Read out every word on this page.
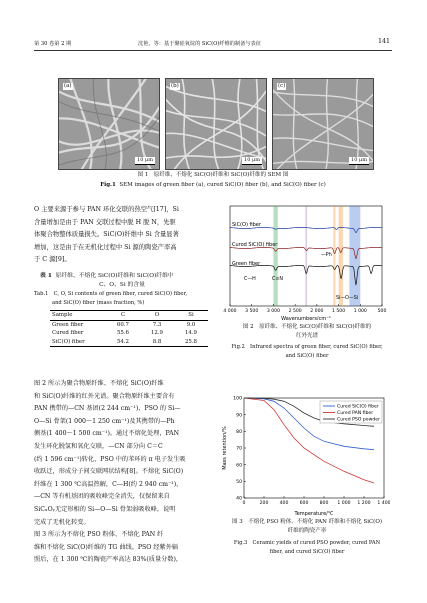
第 30 卷第 2 期	沈艳，等：基于聚硅氧烷的 SiC(O)纤维的制备与表征	141
(a)
10 μm
(b)
10 μm
(c)
10 μm
图 1　原纤维、不熔化 SiC(O)纤维和 SiC(O)纤维的 SEM 图
Fig.1 SEM images of green fiber (a), cured SiC(O) fiber (b), and SiC(O) fiber (c)
O 主要来源于参与 PAN 环化交联的热空气[17]，Si
含量增加是由于 PAN 交联过程中脱 H 脱 N，先驱
体聚合物整体质量损失。SiC(O)纤维中 Si 含量显著
增加，这是由于在无机化过程中 Si 源的陶瓷产率高
于 C 源[9]。
表 1 原纤维、不熔化 SiC(O)纤维和 SiC(O)纤维中
C、O、Si 的含量
Tab.1　C, O, Si contents of green fiber, cured SiC(O) fiber,
and SiC(O) fiber (mass fraction, %)
Sample	C	O	Si
Green fiber	60.7	7.3	9.0
Cured fiber	55.6	12.9	14.9
SiC(O) fiber	54.2	8.8	25.8
图 2 所示为聚合物原纤维、不熔化 SiC(O)纤维
和 SiC(O)纤维的红外光谱。聚合物原纤维主要含有
PAN 携带的—CN 基团(2 244 cm⁻¹)，PSO 的 Si—
O—Si 骨架(1 000～1 250 cm⁻¹)及其携带的—Ph
侧基(1 400～1 500 cm⁻¹)。通过不熔化处理，PAN
发生环化脱氢和氧化交联，—CN 部分向 C＝C
(约 1 596 cm⁻¹)转化，PSO 中的苯环的 π 电子发生吸
收跃迁，形成分子间交联网状结构[8]。不熔化 SiC(O)
纤维在 1 300 ℃高温热解，C—H(约 2 940 cm⁻¹)、
—CN 等有机基团的吸收峰完全消失，仅保留来自
SiCₓOᵧ无定形相的 Si—O—Si 骨架弱吸收峰，说明
完成了无机化转变。
图 3 所示为不熔化 PSO 粉体、不熔化 PAN 纤
维和不熔化 SiC(O)纤维的 TG 曲线。PSO 经紫外辐
照后，在 1 300 ℃的陶瓷产率高达 83%(质量分数)，
4 000 3 500 3 000 2 500 2 000 1 500 1 000 500
SiC(O) fiber
Curod SiC(O) fiber
Green fiber
C—H	C≡N
—Ph
Si—O—Si
Wavenumbers/cm⁻¹
图 2　原纤维、不熔化 SiC(O)纤维和 SiC(O)纤维的
红外光谱
Fig.2　Infrared spectra of green fiber, cured SiC(O) fiber,
and SiC(O) fiber
0	200 400 600 800 1 000 1 200 1 400
40
50
60
70
80
90
100
Cured SiC(O) fiber
Cured PAN fiber
Cured PSO powder
Mass retention/%
Temperature/℃
图 3　不熔化 PSO 粉体、不熔化 PAN 纤维和不熔化 SiC(O)
纤维的陶瓷产率
Fig.3　Ceramic yields of cured PSO powder, cured PAN
fiber, and cured SiC(O) fiber
